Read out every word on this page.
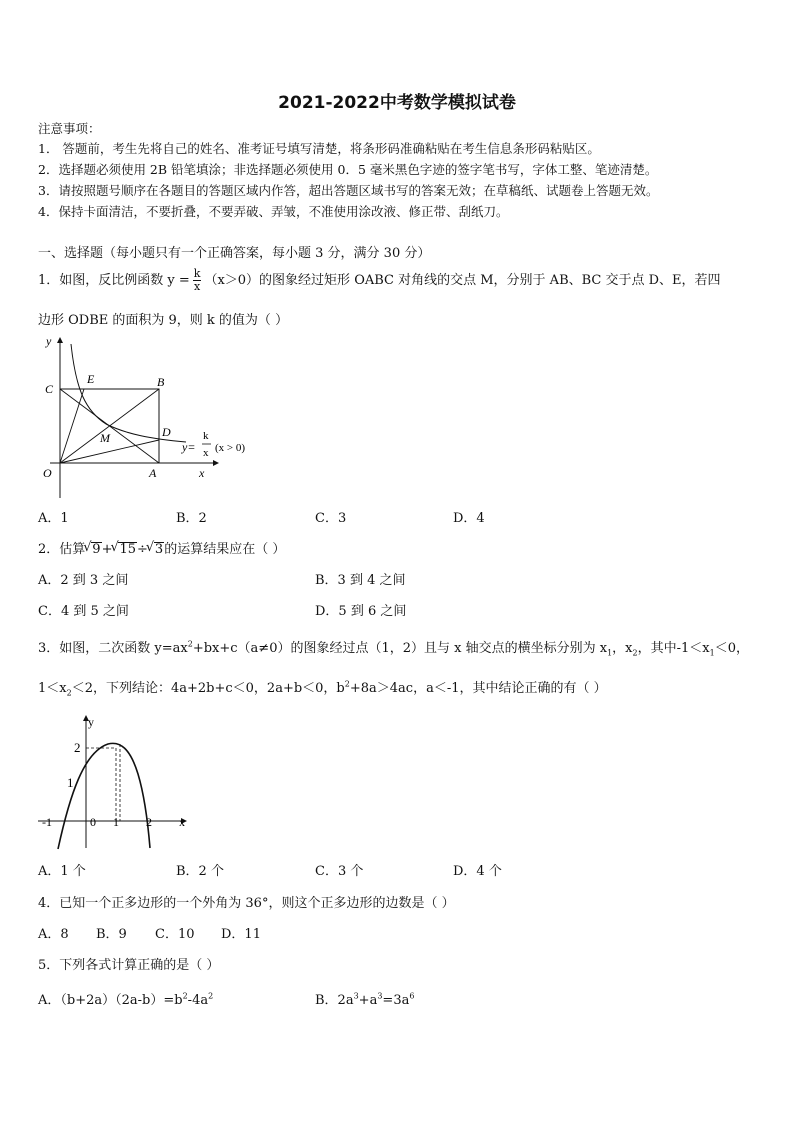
2021-2022中考数学模拟试卷
注意事项：
1． 答题前，考生先将自己的姓名、准考证号填写清楚，将条形码准确粘贴在考生信息条形码粘贴区。
2．选择题必须使用 2B 铅笔填涂；非选择题必须使用 0．5 毫米黑色字迹的签字笔书写，字体工整、笔迹清楚。
3．请按照题号顺序在各题目的答题区域内作答，超出答题区域书写的答案无效；在草稿纸、试题卷上答题无效。
4．保持卡面清洁，不要折叠，不要弄破、弄皱，不准使用涂改液、修正带、刮纸刀。
一、选择题（每小题只有一个正确答案，每小题 3 分，满分 30 分）
1．如图，反比例函数 $y = \frac{k}{x} (x>0)$的图象经过矩形 OABC 对角线的交点 M，分别于 AB、BC 交于点 D、E，若四
边形 ODBE 的面积为 9，则 k 的值为（ ）
y
C
E	B
M	D
O	A	x
y=
k
x (x > 0)
A．1	B．2	C．3	D．4
2．估算 √ 9+ √ 15÷ √ 3的运算结果应在（ ）
A．2 到 3 之间	B．3 到 4 之间
C．4 到 5 之间	D．5 到 6 之间
3．如图，二次函数 $y=ax^2+bx+c(a\ne 0)$的图象经过点（1，2）且与 x 轴交点的横坐标分别为 $x_1$，$x_2$，其中$-1<x_1<0$，
$1<x_2<2$，下列结论：4a+2b+c＜0，2a+b＜0，$b^2+8a>4ac$，a＜-1，其中结论正确的有（ ）
y
2
1
-1	0 1 2 x
A．1 个	B．2 个	C．3 个	D．4 个
4．已知一个正多边形的一个外角为 36°，则这个正多边形的边数是（ ）
A．8 B．9 C．10 D．11
5．下列各式计算正确的是（ ）
A．$(b+2a)(2a-b)=b^2-4a^2$	B．$2a^3+a^3=3a^6$
